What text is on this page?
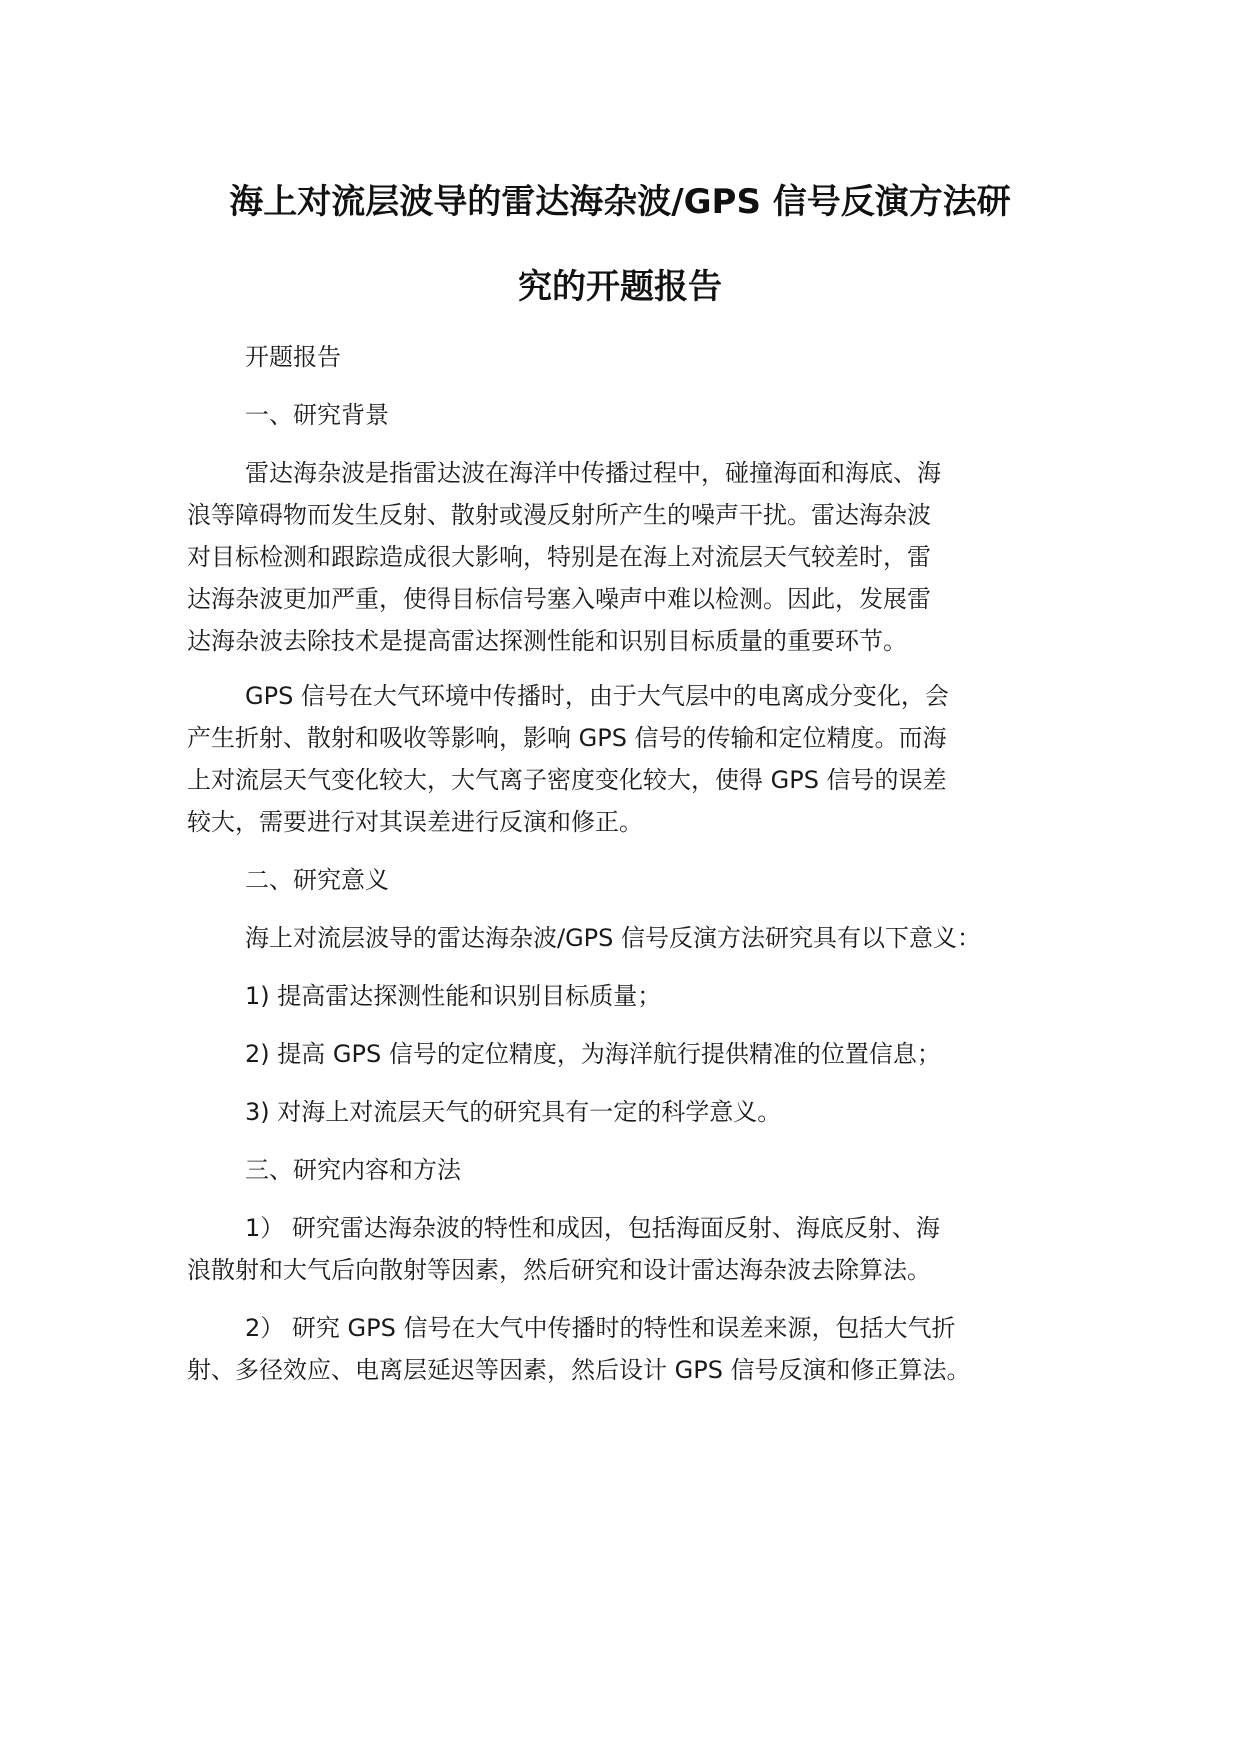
海上对流层波导的雷达海杂波/GPS 信号反演方法研
究的开题报告

开题报告

一、研究背景

雷达海杂波是指雷达波在海洋中传播过程中，碰撞海面和海底、海

浪等障碍物而发生反射、散射或漫反射所产生的噪声干扰。雷达海杂波

对目标检测和跟踪造成很大影响，特别是在海上对流层天气较差时，雷

达海杂波更加严重，使得目标信号塞入噪声中难以检测。因此，发展雷

达海杂波去除技术是提高雷达探测性能和识别目标质量的重要环节。

GPS 信号在大气环境中传播时，由于大气层中的电离成分变化，会

产生折射、散射和吸收等影响，影响 GPS 信号的传输和定位精度。而海

上对流层天气变化较大，大气离子密度变化较大，使得 GPS 信号的误差

较大，需要进行对其误差进行反演和修正。

二、研究意义

海上对流层波导的雷达海杂波/GPS 信号反演方法研究具有以下意义：

1) 提高雷达探测性能和识别目标质量；

2) 提高 GPS 信号的定位精度，为海洋航行提供精准的位置信息；

3) 对海上对流层天气的研究具有一定的科学意义。

三、研究内容和方法

1） 研究雷达海杂波的特性和成因，包括海面反射、海底反射、海

浪散射和大气后向散射等因素，然后研究和设计雷达海杂波去除算法。

2） 研究 GPS 信号在大气中传播时的特性和误差来源，包括大气折

射、多径效应、电离层延迟等因素，然后设计 GPS 信号反演和修正算法。
